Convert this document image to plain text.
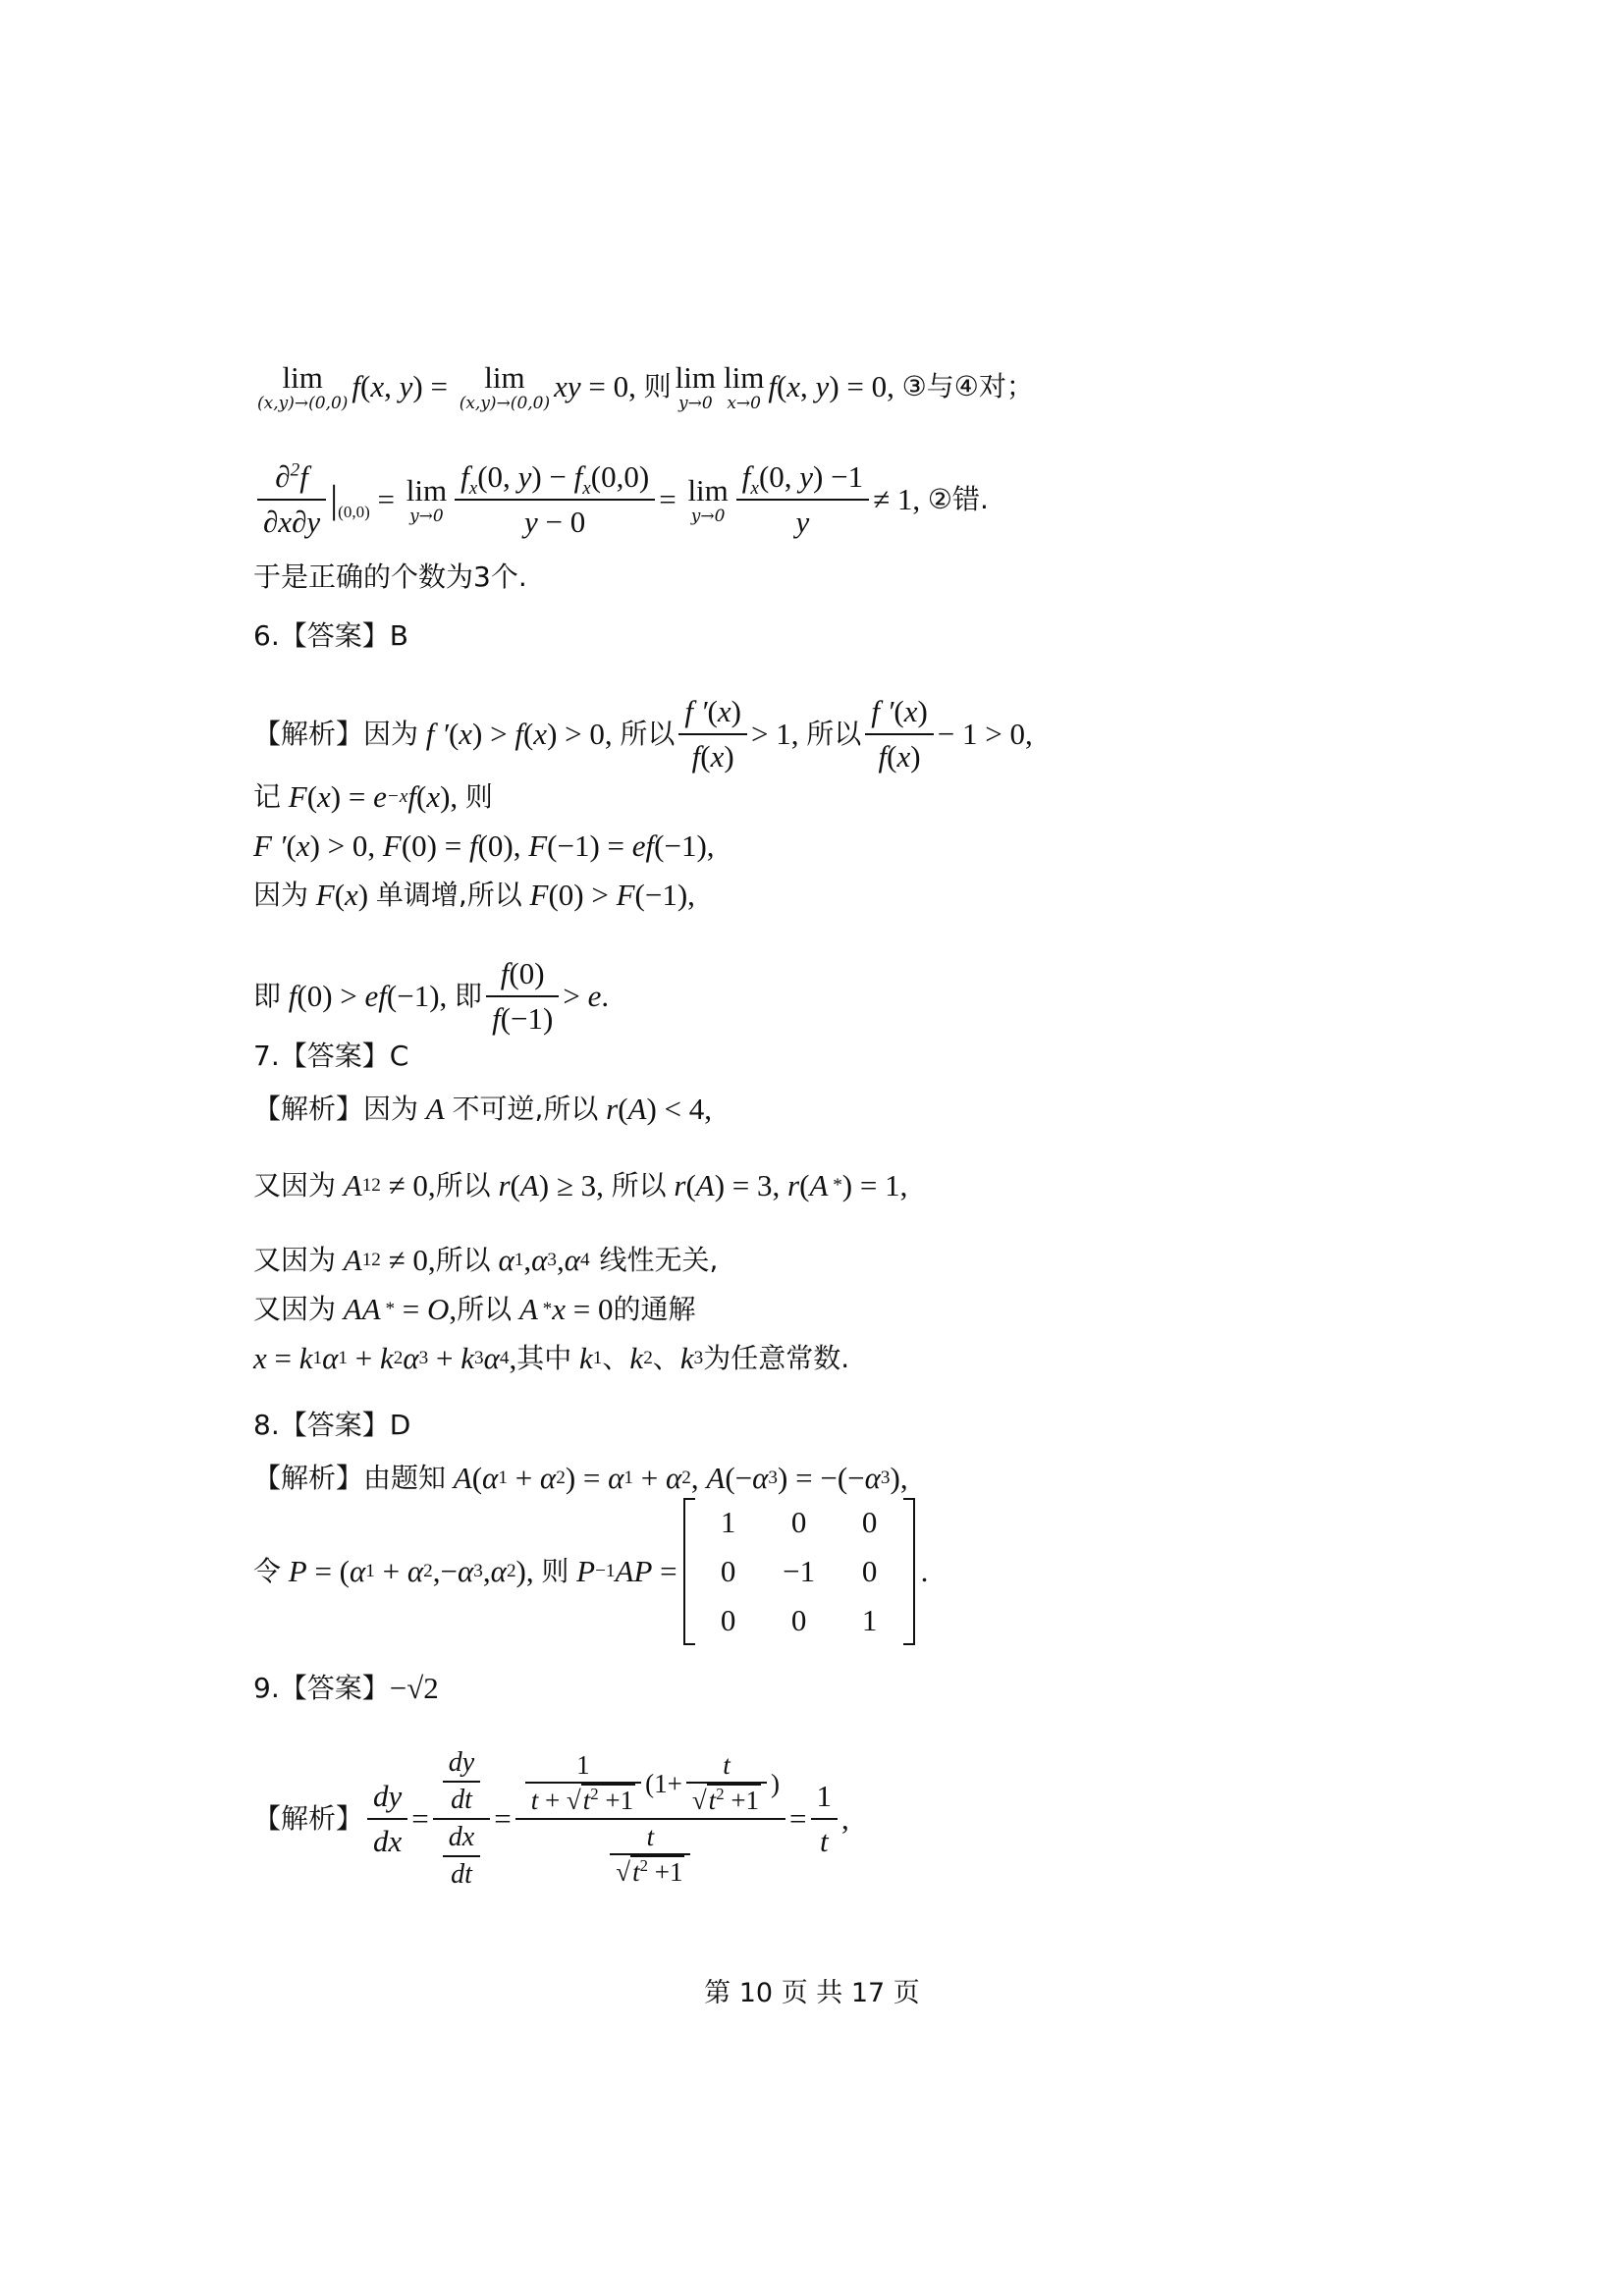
lim
(x,y)→(0,0) f ( x , y ) = lim
(x,y)→(0,0) xy = 0, 则 lim
y→0
lim
x→0 f ( x , y ) = 0, ③与④对；
$\frac{\partial^2f}{\partial x\partial y}$ | (0,0) = lim
$y\to 0 \frac{f_x(0, y) - f_x(0,0)}{y - 0} = \lim$
$y\to 0 \frac{f_x(0, y) -1}{y} \ne 1$, ②错.
于是正确的个数为3个.
6.【答案】B
【解析】 因为 f ′ ( x ) > f ( x ) > 0, 所以 $\frac{f '(x)}{f(x)} > 1$, 所以 $\frac{f '(x)}{f(x)} - 1 > 0$,
记 F ( x ) = e −x f ( x ), 则
F ′ ( x ) > 0, F (0) = f (0), F (−1) = ef (−1),
因为 F ( x ) 单调增,所以 F (0) > F (−1),
即 f (0) > ef (−1), 即 $\frac{f(0)}{f(-1)} > e$ .
7.【答案】C
【解析】 因为 A 不可逆,所以 r ( A ) < 4,
又因为 A 12 ≠ 0, 所以 r ( A ) ≥ 3, 所以 r ( A ) = 3, r ( A * ) = 1,
又因为 A 12 ≠ 0, 所以 α 1 , α 3 , α 4
线性无关,
又因为 AA * = O , 所以 A * x = 0 的通解
x = k 1 α 1 + k 2 α 3 + k 3 α 4 , 其中 k 1 、 k 2 、 k 3 为任意常数.
8.【答案】D
【解析】 由题知 A ( α 1 + α 2 ) = α 1 + α 2 , A (− α 3 ) = −(− α 3 ),
令 P = ( α 1 + α 2 ,− α 3 , α 2 ), 则 P −1 AP =
1	0	0
0	−1	0
0	0	1
.
9.【答案】 −√2
【解析】 $\frac{dy}{dx} = \frac{\frac{dy}{dt}}{\frac{dx}{dt}} = \frac{\frac{1}{t + √ t^2 +1} (1+ \frac{t}{√ t^2 +1} )}{\frac{t}{√ t^2 +1}} = \frac{1}{t}$ ,
第 10 页 共 17 页
